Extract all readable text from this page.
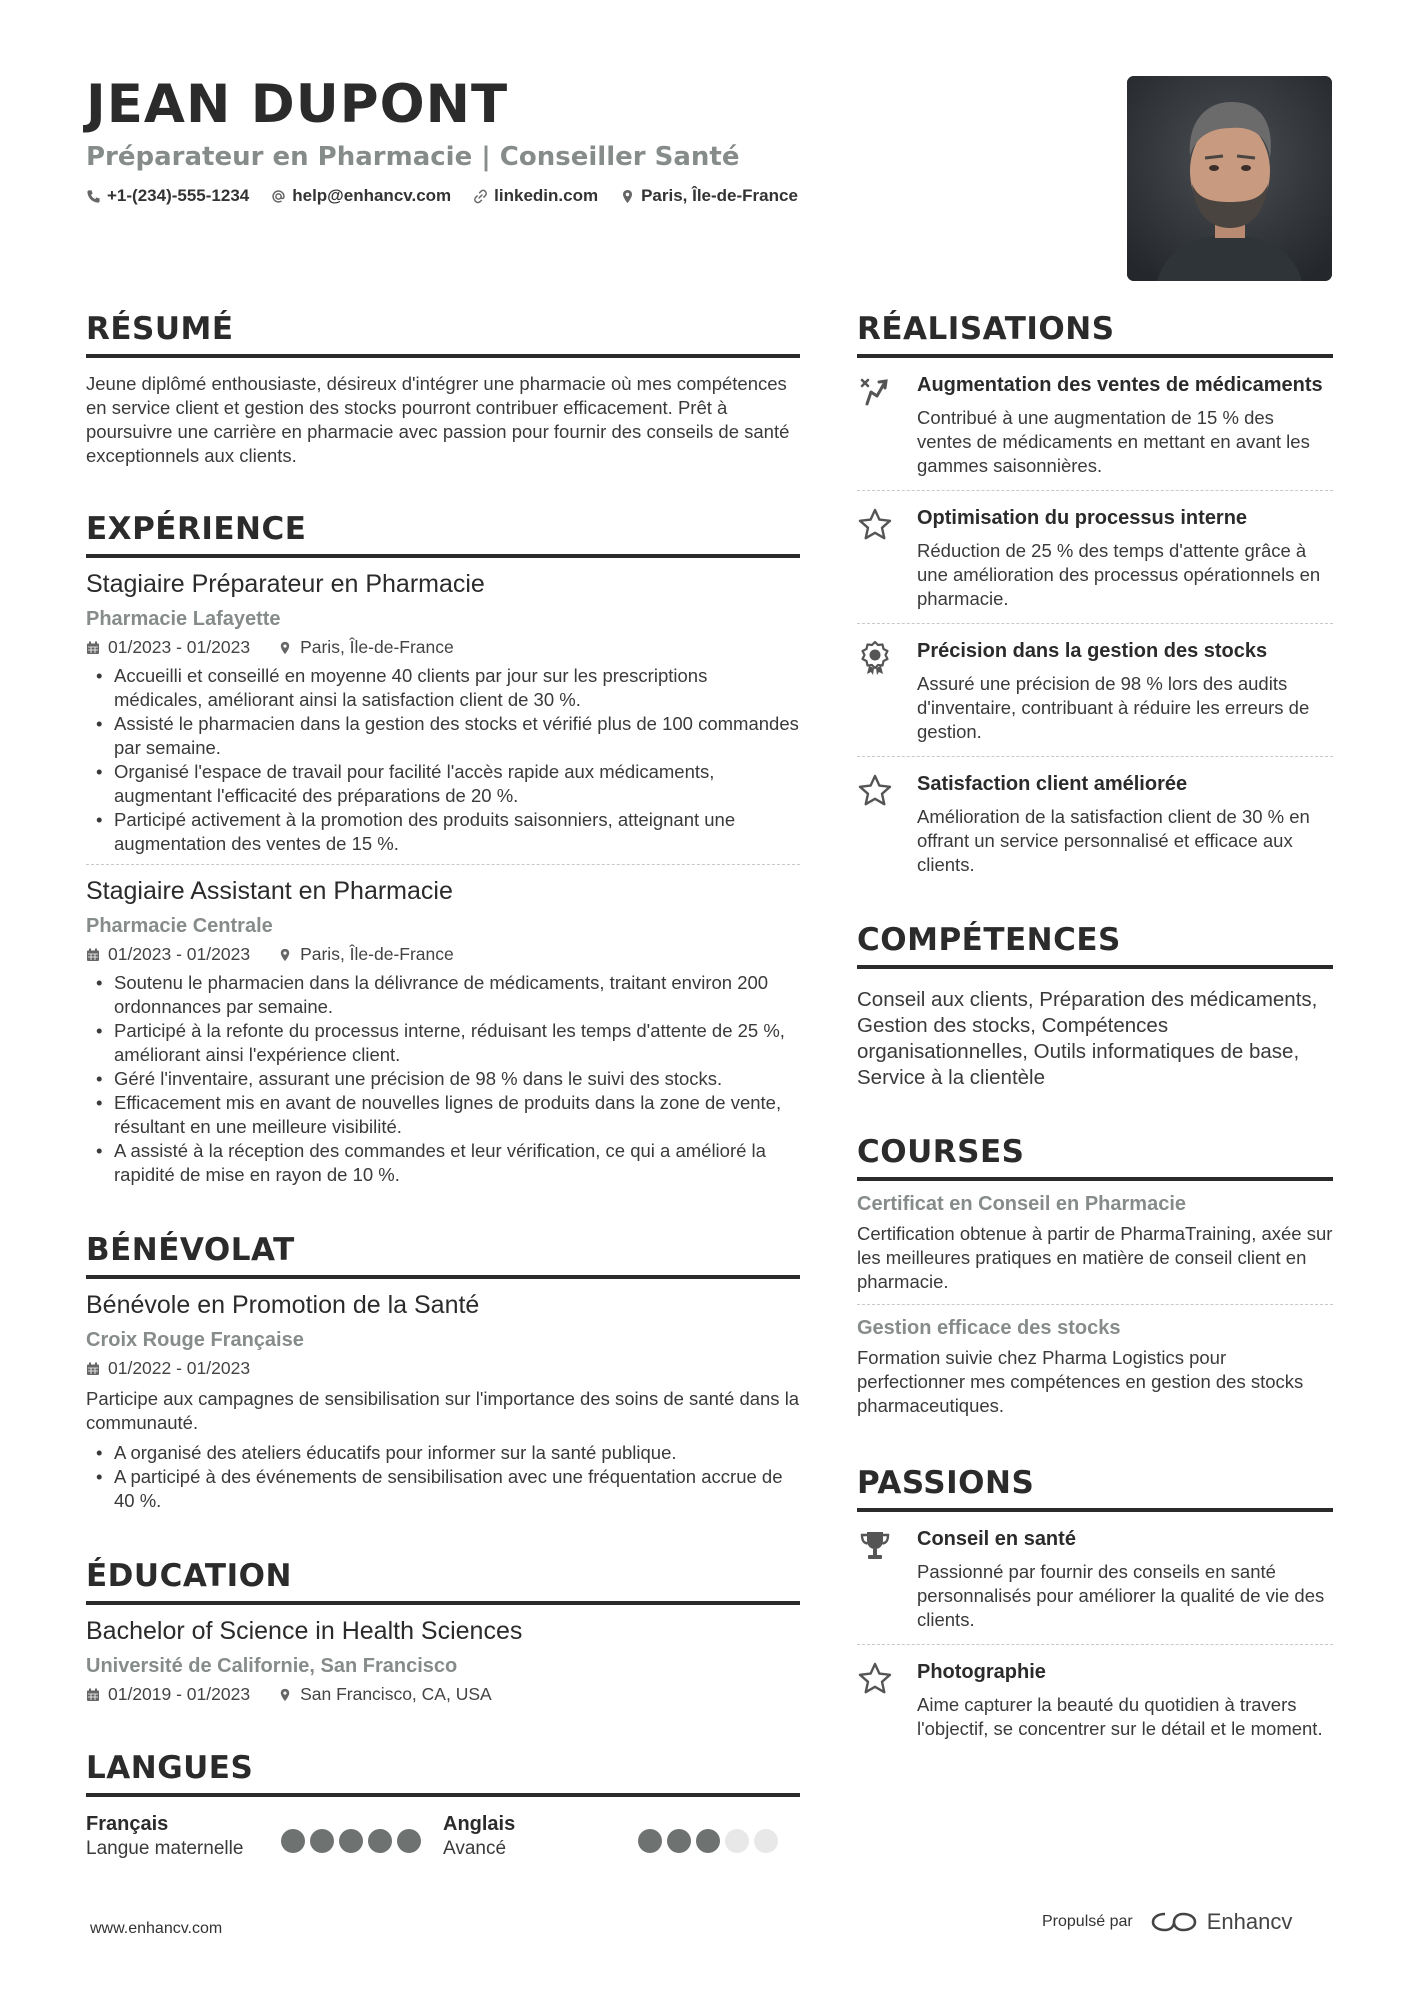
JEAN DUPONT
Préparateur en Pharmacie | Conseiller Santé
+1-(234)-555-1234	help@enhancv.com	linkedin.com	Paris, Île-de-France
RÉSUMÉ
Jeune diplômé enthousiaste, désireux d'intégrer une pharmacie où mes compétences en service client et gestion des stocks pourront contribuer efficacement. Prêt à poursuivre une carrière en pharmacie avec passion pour fournir des conseils de santé exceptionnels aux clients.
EXPÉRIENCE
Stagiaire Préparateur en Pharmacie
Pharmacie Lafayette
01/2023 - 01/2023	Paris, Île-de-France
• Accueilli et conseillé en moyenne 40 clients par jour sur les prescriptions médicales, améliorant ainsi la satisfaction client de 30 %.
• Assisté le pharmacien dans la gestion des stocks et vérifié plus de 100 commandes par semaine.
• Organisé l'espace de travail pour facilité l'accès rapide aux médicaments, augmentant l'efficacité des préparations de 20 %.
• Participé activement à la promotion des produits saisonniers, atteignant une augmentation des ventes de 15 %.
Stagiaire Assistant en Pharmacie
Pharmacie Centrale
01/2023 - 01/2023	Paris, Île-de-France
• Soutenu le pharmacien dans la délivrance de médicaments, traitant environ 200 ordonnances par semaine.
• Participé à la refonte du processus interne, réduisant les temps d'attente de 25 %, améliorant ainsi l'expérience client.
• Géré l'inventaire, assurant une précision de 98 % dans le suivi des stocks.
• Efficacement mis en avant de nouvelles lignes de produits dans la zone de vente, résultant en une meilleure visibilité.
• A assisté à la réception des commandes et leur vérification, ce qui a amélioré la rapidité de mise en rayon de 10 %.
BÉNÉVOLAT
Bénévole en Promotion de la Santé
Croix Rouge Française
01/2022 - 01/2023
Participe aux campagnes de sensibilisation sur l'importance des soins de santé dans la communauté.
• A organisé des ateliers éducatifs pour informer sur la santé publique.
• A participé à des événements de sensibilisation avec une fréquentation accrue de 40 %.
ÉDUCATION
Bachelor of Science in Health Sciences
Université de Californie, San Francisco
01/2019 - 01/2023	San Francisco, CA, USA
LANGUES
Français
Langue maternelle
Anglais
Avancé
RÉALISATIONS
Augmentation des ventes de médicaments
Contribué à une augmentation de 15 % des ventes de médicaments en mettant en avant les gammes saisonnières.
Optimisation du processus interne
Réduction de 25 % des temps d'attente grâce à une amélioration des processus opérationnels en pharmacie.
Précision dans la gestion des stocks
Assuré une précision de 98 % lors des audits d'inventaire, contribuant à réduire les erreurs de gestion.
Satisfaction client améliorée
Amélioration de la satisfaction client de 30 % en offrant un service personnalisé et efficace aux clients.
COMPÉTENCES
Conseil aux clients, Préparation des médicaments, Gestion des stocks, Compétences organisationnelles, Outils informatiques de base, Service à la clientèle
COURSES
Certificat en Conseil en Pharmacie
Certification obtenue à partir de PharmaTraining, axée sur les meilleures pratiques en matière de conseil client en pharmacie.
Gestion efficace des stocks
Formation suivie chez Pharma Logistics pour perfectionner mes compétences en gestion des stocks pharmaceutiques.
PASSIONS
Conseil en santé
Passionné par fournir des conseils en santé personnalisés pour améliorer la qualité de vie des clients.
Photographie
Aime capturer la beauté du quotidien à travers l'objectif, se concentrer sur le détail et le moment.
www.enhancv.com	Propulsé par	Enhancv
